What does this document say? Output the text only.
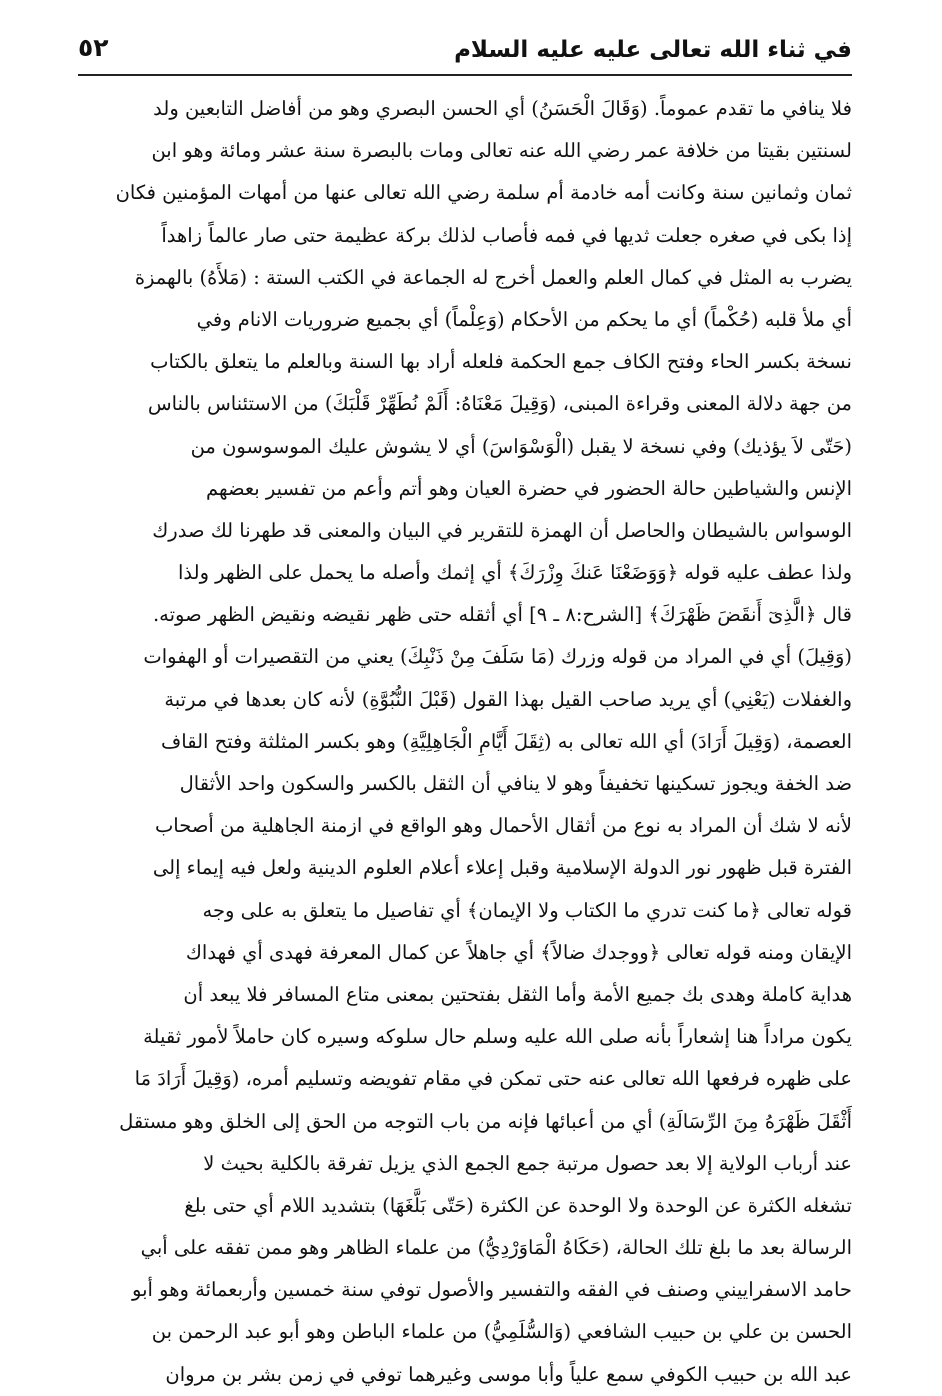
في ثناء الله تعالى عليه عليه السلام
٥٢
فلا ينافي ما تقدم عموماً. (وَقَالَ الْحَسَنُ) أي الحسن البصري وهو من أفاضل التابعين ولد
لسنتين بقيتا من خلافة عمر رضي الله عنه تعالى ومات بالبصرة سنة عشر ومائة وهو ابن
ثمان وثمانين سنة وكانت أمه خادمة أم سلمة رضي الله تعالى عنها من أمهات المؤمنين فكان
إذا بكى في صغره جعلت ثديها في فمه فأصاب لذلك بركة عظيمة حتى صار عالماً زاهداً
يضرب به المثل في كمال العلم والعمل أخرج له الجماعة في الكتب الستة : (مَلأَهُ) بالهمزة
أي ملأ قلبه (حُكْماً) أي ما يحكم من الأحكام (وَعِلْماً) أي بجميع ضروريات الانام وفي
نسخة بكسر الحاء وفتح الكاف جمع الحكمة فلعله أراد بها السنة وبالعلم ما يتعلق بالكتاب
من جهة دلالة المعنى وقراءة المبنى، (وَقِيلَ مَعْنَاهُ: أَلَمْ نُطَهِّرْ قَلْبَكَ) من الاستئناس بالناس
(حَتّى لاَ يؤذيك) وفي نسخة لا يقبل (الْوَسْوَاسَ) أي لا يشوش عليك الموسوسون من
الإنس والشياطين حالة الحضور في حضرة العيان وهو أتم وأعم من تفسير بعضهم
الوسواس بالشيطان والحاصل أن الهمزة للتقرير في البيان والمعنى قد طهرنا لك صدرك
ولذا عطف عليه قوله ﴿وَوَضَعْنَا عَنكَ وِزْرَكَ﴾ أي إثمك وأصله ما يحمل على الظهر ولذا
قال ﴿الَّذِىٓ أَنقَضَ ظَهْرَكَ﴾ [الشرح:٨ ـ ٩] أي أثقله حتى ظهر نقيضه ونقيض الظهر صوته.
(وَقِيلَ) أي في المراد من قوله وزرك (مَا سَلَفَ مِنْ ذَنْبِكَ) يعني من التقصيرات أو الهفوات
والغفلات (يَعْنِي) أي يريد صاحب القيل بهذا القول (قَبْلَ النُّبُوَّةِ) لأنه كان بعدها في مرتبة
العصمة، (وَقِيلَ أَرَادَ) أي الله تعالى به (ثِقَلَ أَيَّامِ الْجَاهِلِيَّةِ) وهو بكسر المثلثة وفتح القاف
ضد الخفة ويجوز تسكينها تخفيفاً وهو لا ينافي أن الثقل بالكسر والسكون واحد الأثقال
لأنه لا شك أن المراد به نوع من أثقال الأحمال وهو الواقع في ازمنة الجاهلية من أصحاب
الفترة قبل ظهور نور الدولة الإسلامية وقبل إعلاء أعلام العلوم الدينية ولعل فيه إيماء إلى
قوله تعالى ﴿ما كنت تدري ما الكتاب ولا الإيمان﴾ أي تفاصيل ما يتعلق به على وجه
الإيقان ومنه قوله تعالى ﴿ووجدك ضالاً﴾ أي جاهلاً عن كمال المعرفة فهدى أي فهداك
هداية كاملة وهدى بك جميع الأمة وأما الثقل بفتحتين بمعنى متاع المسافر فلا يبعد أن
يكون مراداً هنا إشعاراً بأنه صلى الله عليه وسلم حال سلوكه وسيره كان حاملاً لأمور ثقيلة
على ظهره فرفعها الله تعالى عنه حتى تمكن في مقام تفويضه وتسليم أمره، (وَقِيلَ أَرَادَ مَا
أَثْقَلَ ظَهْرَهُ مِنَ الرِّسَالَةِ) أي من أعبائها فإنه من باب التوجه من الحق إلى الخلق وهو مستقل
عند أرباب الولاية إلا بعد حصول مرتبة جمع الجمع الذي يزيل تفرقة بالكلية بحيث لا
تشغله الكثرة عن الوحدة ولا الوحدة عن الكثرة (حَتّى بَلَّغَهَا) بتشديد اللام أي حتى بلغ
الرسالة بعد ما بلغ تلك الحالة، (حَكَاهُ الْمَاوَرْدِيُّ) من علماء الظاهر وهو ممن تفقه على أبي
حامد الاسفراييني وصنف في الفقه والتفسير والأصول توفي سنة خمسين وأربعمائة وهو أبو
الحسن بن علي بن حبيب الشافعي (وَالسُّلَمِيُّ) من علماء الباطن وهو أبو عبد الرحمن بن
عبد الله بن حبيب الكوفي سمع علياً وأبا موسى وغيرهما توفي في زمن بشر بن مروان
